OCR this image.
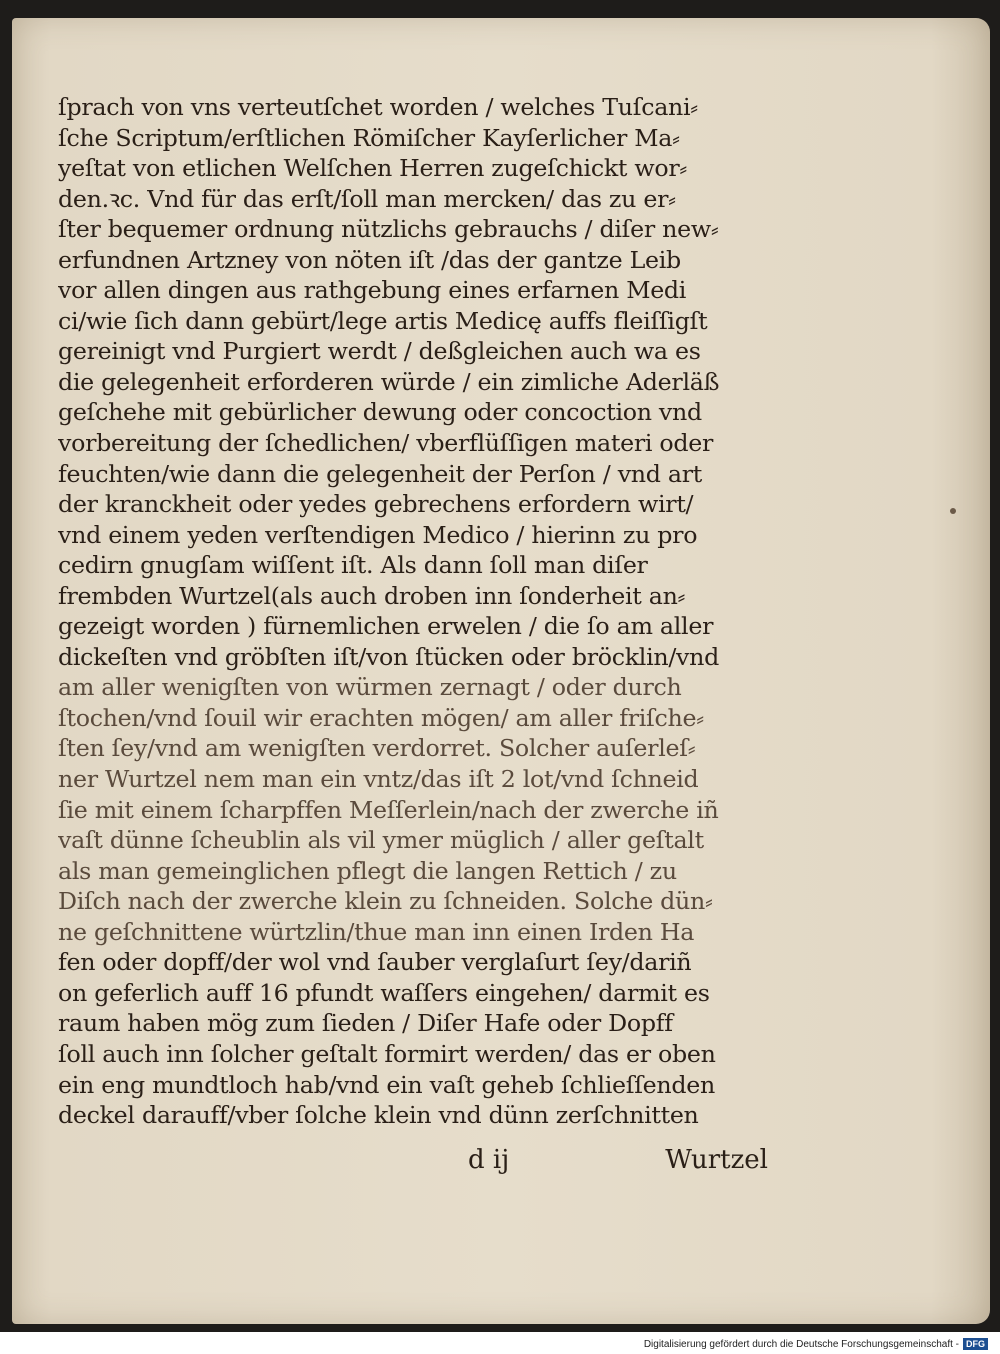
ſprach von vns verteutſchet worden / welches Tuſcani⸗
ſche Scriptum/erſtlichen Römiſcher Kayſerlicher Ma⸗
yeſtat von etlichen Welſchen Herren zugeſchickt wor⸗
den.ꝛc. Vnd für das erſt/ſoll man mercken/ das zu er⸗
ſter bequemer ordnung nützlichs gebrauchs / diſer new⸗
erfundnen Artzney von nöten iſt /das der gantze Leib
vor allen dingen aus rathgebung eines erfarnen Medi
ci/wie ſich dann gebürt/lege artis Medicę auffs fleiſſigſt
gereinigt vnd Purgiert werdt / deßgleichen auch wa es
die gelegenheit erforderen würde / ein zimliche Aderläß
geſchehe mit gebürlicher dewung oder concoction vnd
vorbereitung der ſchedlichen/ vberflüſſigen materi oder
feuchten/wie dann die gelegenheit der Perſon / vnd art
der kranckheit oder yedes gebrechens erfordern wirt/
vnd einem yeden verſtendigen Medico / hierinn zu pro
cedirn gnugſam wiſſent iſt. Als dann ſoll man diſer
frembden Wurtzel(als auch droben inn ſonderheit an⸗
gezeigt worden ) fürnemlichen erwelen / die ſo am aller
dickeſten vnd gröbſten iſt/von ſtücken oder bröcklin/vnd
am aller wenigſten von würmen zernagt / oder durch
ſtochen/vnd ſouil wir erachten mögen/ am aller friſche⸗
ſten ſey/vnd am wenigſten verdorret. Solcher auſerleſ⸗
ner Wurtzel nem man ein vntz/das iſt 2 lot/vnd ſchneid
ſie mit einem ſcharpffen Meſſerlein/nach der zwerche iñ
vaſt dünne ſcheublin als vil ymer müglich / aller geſtalt
als man gemeinglichen pflegt die langen Rettich / zu
Diſch nach der zwerche klein zu ſchneiden. Solche dün⸗
ne geſchnittene würtzlin/thue man inn einen Irden Ha
fen oder dopff/der wol vnd ſauber verglaſurt ſey/dariñ
on geferlich auff 16 pfundt waſſers eingehen/ darmit es
raum haben mög zum ſieden / Diſer Hafe oder Dopff
ſoll auch inn ſolcher geſtalt formirt werden/ das er oben
ein eng mundtloch hab/vnd ein vaſt geheb ſchlieſſenden
deckel darauff/vber ſolche klein vnd dünn zerſchnitten
d ij	Wurtzel
Digitalisierung gefördert durch die Deutsche Forschungsgemeinschaft - DFG
